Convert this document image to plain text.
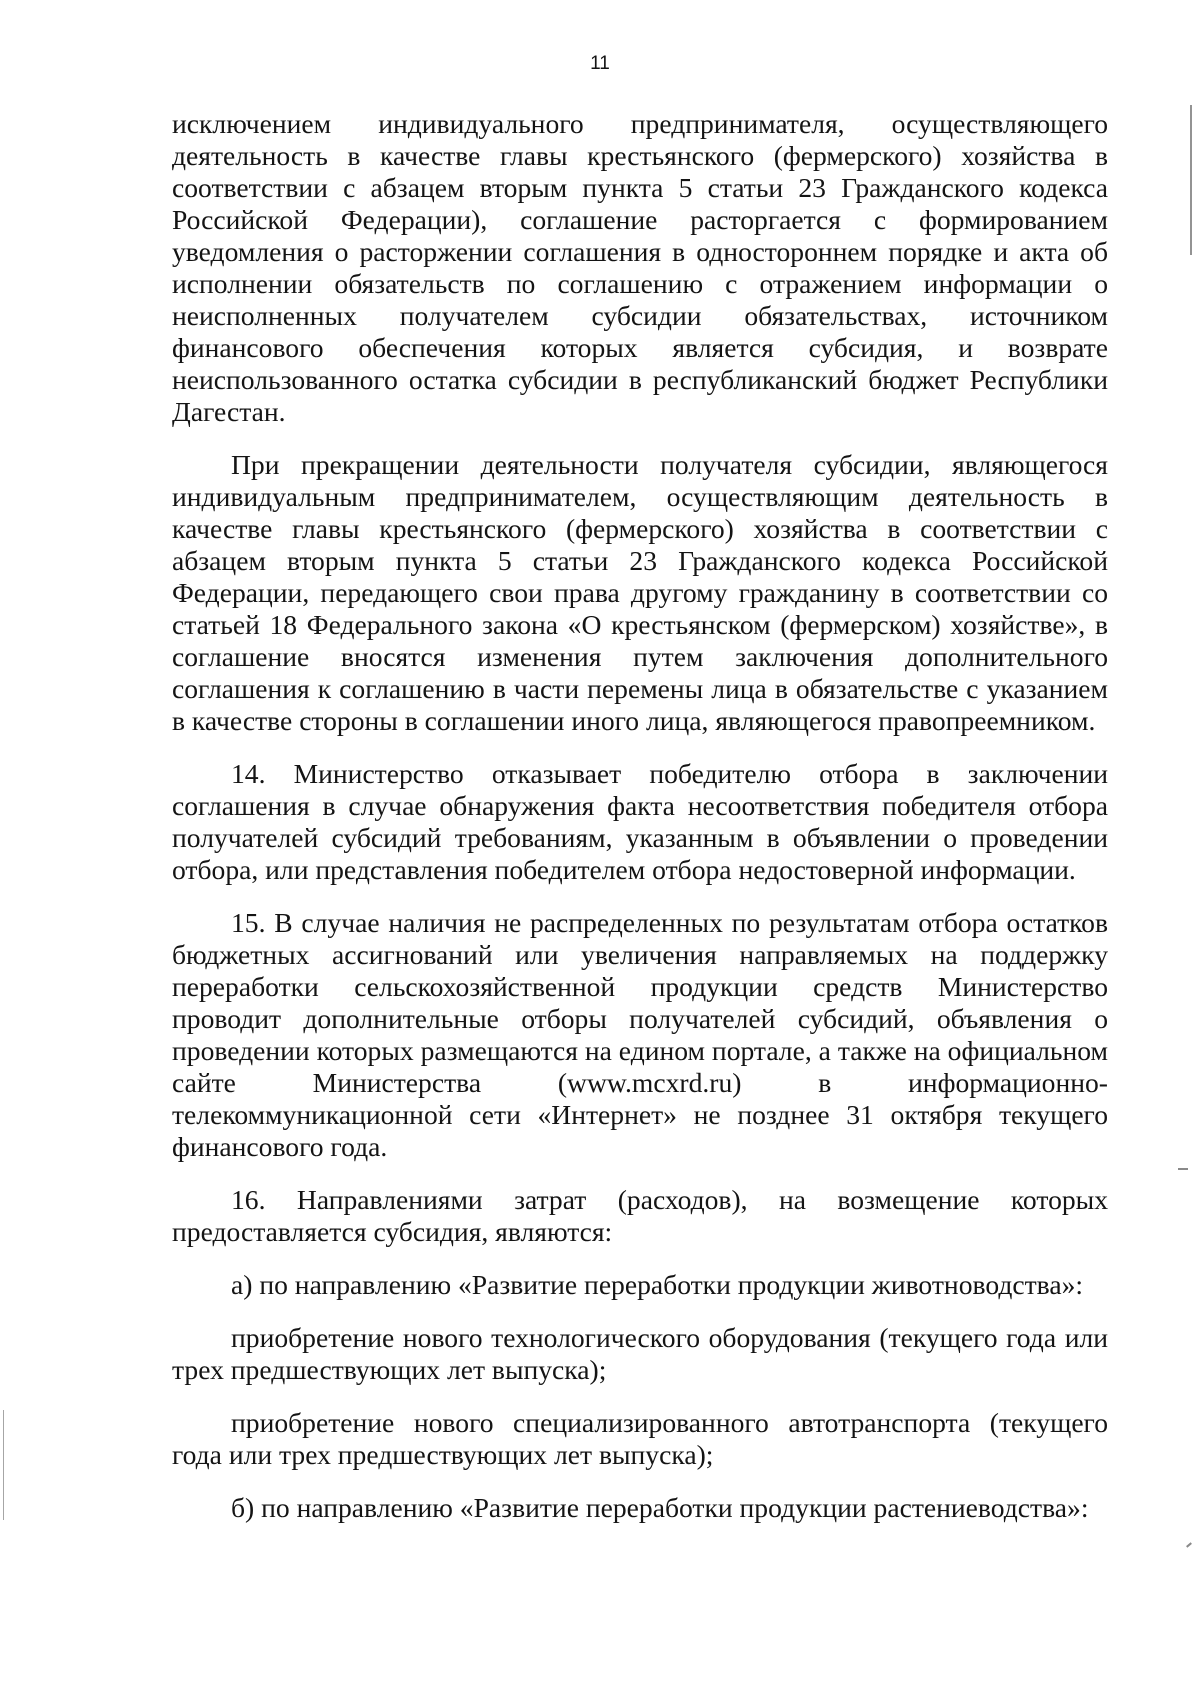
11

исключением индивидуального предпринимателя, осуществляющего деятельность в качестве главы крестьянского (фермерского) хозяйства в соответствии с абзацем вторым пункта 5 статьи 23 Гражданского кодекса Российской Федерации), соглашение расторгается с формированием уведомления о расторжении соглашения в одностороннем порядке и акта об исполнении обязательств по соглашению с отражением информации о неисполненных получателем субсидии обязательствах, источником финансового обеспечения которых является субсидия, и возврате неиспользованного остатка субсидии в республиканский бюджет Республики Дагестан.

При прекращении деятельности получателя субсидии, являющегося индивидуальным предпринимателем, осуществляющим деятельность в качестве главы крестьянского (фермерского) хозяйства в соответствии с абзацем вторым пункта 5 статьи 23 Гражданского кодекса Российской Федерации, передающего свои права другому гражданину в соответствии со статьей 18 Федерального закона «О крестьянском (фермерском) хозяйстве», в соглашение вносятся изменения путем заключения дополнительного соглашения к соглашению в части перемены лица в обязательстве с указанием в качестве стороны в соглашении иного лица, являющегося правопреемником.

14. Министерство отказывает победителю отбора в заключении соглашения в случае обнаружения факта несоответствия победителя отбора получателей субсидий требованиям, указанным в объявлении о проведении отбора, или представления победителем отбора недостоверной информации.

15. В случае наличия не распределенных по результатам отбора остатков бюджетных ассигнований или увеличения направляемых на поддержку переработки сельскохозяйственной продукции средств Министерство проводит дополнительные отборы получателей субсидий, объявления о проведении которых размещаются на едином портале, а также на официальном сайте Министерства (www.mcxrd.ru) в информационно-телекоммуникационной сети «Интернет» не позднее 31 октября текущего финансового года.

16. Направлениями затрат (расходов), на возмещение которых предоставляется субсидия, являются:

а) по направлению «Развитие переработки продукции животноводства»:

приобретение нового технологического оборудования (текущего года или трех предшествующих лет выпуска);

приобретение нового специализированного автотранспорта (текущего года или трех предшествующих лет выпуска);

б) по направлению «Развитие переработки продукции растениеводства»:
